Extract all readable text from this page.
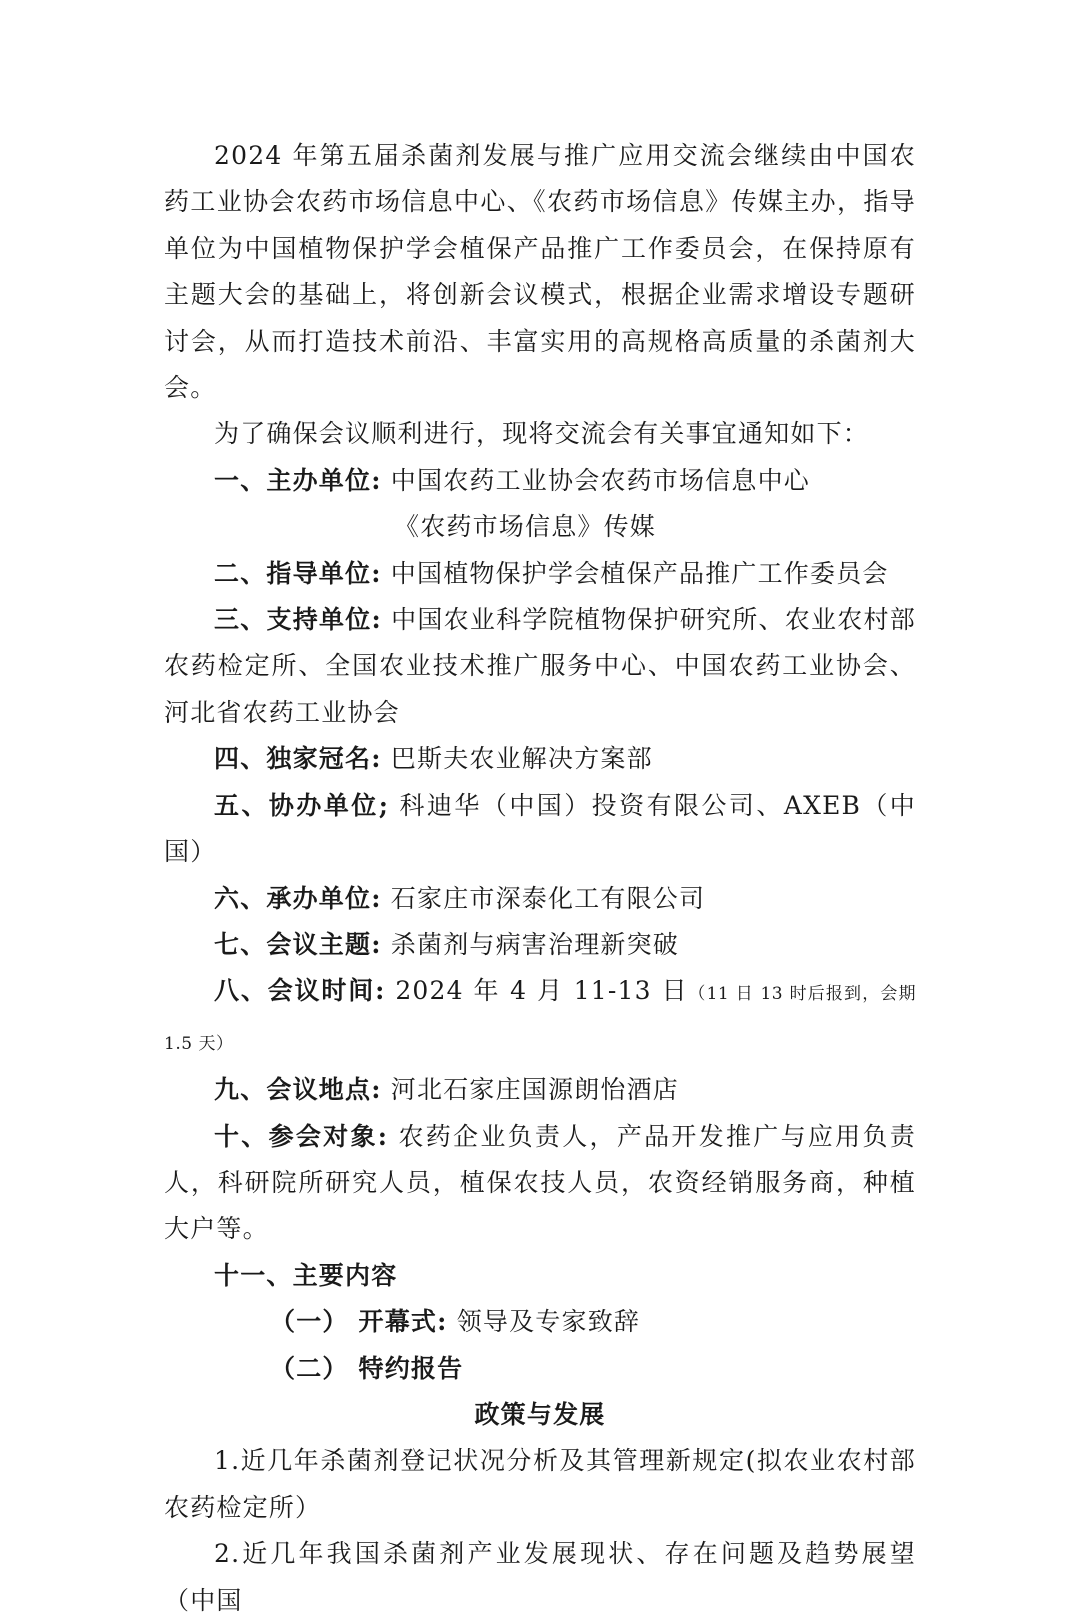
2024 年第五届杀菌剂发展与推广应用交流会继续由中国农药工业协会农药市场信息中心、《农药市场信息》传媒主办，指导单位为中国植物保护学会植保产品推广工作委员会，在保持原有主题大会的基础上，将创新会议模式，根据企业需求增设专题研讨会，从而打造技术前沿、丰富实用的高规格高质量的杀菌剂大会。

为了确保会议顺利进行，现将交流会有关事宜通知如下：

一、主办单位: 中国农药工业协会农药市场信息中心

《农药市场信息》传媒

二、指导单位: 中国植物保护学会植保产品推广工作委员会

三、支持单位: 中国农业科学院植物保护研究所、农业农村部农药检定所、全国农业技术推广服务中心、中国农药工业协会、河北省农药工业协会

四、独家冠名: 巴斯夫农业解决方案部

五、协办单位; 科迪华（中国）投资有限公司、AXEB（中国）

六、承办单位: 石家庄市深泰化工有限公司

七、会议主题: 杀菌剂与病害治理新突破

八、会议时间: 2024 年 4 月 11-13 日（11 日 13 时后报到，会期 1.5 天）

九、会议地点: 河北石家庄国源朗怡酒店

十、参会对象: 农药企业负责人，产品开发推广与应用负责人，科研院所研究人员，植保农技人员，农资经销服务商，种植大户等。

十一、主要内容

（一） 开幕式: 领导及专家致辞

（二） 特约报告

政策与发展

1.近几年杀菌剂登记状况分析及其管理新规定(拟农业农村部农药检定所）

2.近几年我国杀菌剂产业发展现状、存在问题及趋势展望（中国
